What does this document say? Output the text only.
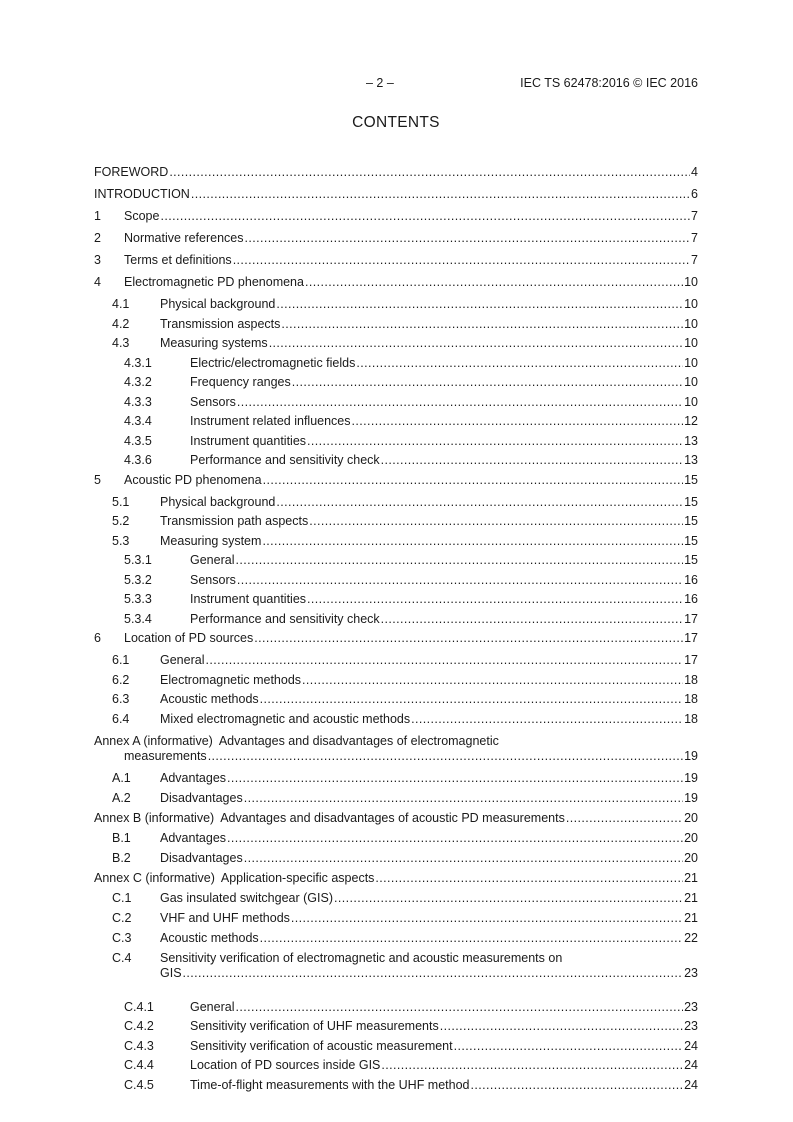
– 2 –	IEC TS 62478:2016 © IEC 2016
CONTENTS
FOREWORD .....	4
INTRODUCTION .....	6
1	Scope .....	7
2	Normative references .....	7
3	Terms et definitions .....	7
4	Electromagnetic PD phenomena .....	10
4.1	Physical background .....	10
4.2	Transmission aspects .....	10
4.3	Measuring systems .....	10
4.3.1	Electric/electromagnetic fields .....	10
4.3.2	Frequency ranges .....	10
4.3.3	Sensors .....	10
4.3.4	Instrument related influences .....	12
4.3.5	Instrument quantities .....	13
4.3.6	Performance and sensitivity check .....	13
5	Acoustic PD phenomena .....	15
5.1	Physical background .....	15
5.2	Transmission path aspects .....	15
5.3	Measuring system .....	15
5.3.1	General .....	15
5.3.2	Sensors .....	16
5.3.3	Instrument quantities .....	16
5.3.4	Performance and sensitivity check .....	17
6	Location of PD sources .....	17
6.1	General .....	17
6.2	Electromagnetic methods .....	18
6.3	Acoustic methods .....	18
6.4	Mixed electromagnetic and acoustic methods .....	18
Annex A (informative) Advantages and disadvantages of electromagnetic
measurements .....	19
A.1	Advantages .....	19
A.2	Disadvantages .....	19
Annex B (informative) Advantages and disadvantages of acoustic PD measurements .....	20
B.1	Advantages .....	20
B.2	Disadvantages .....	20
Annex C (informative) Application-specific aspects .....	21
C.1	Gas insulated switchgear (GIS) .....	21
C.2	VHF and UHF methods .....	21
C.3	Acoustic methods .....	22
C.4	Sensitivity verification of electromagnetic and acoustic measurements on
GIS .....	23
C.4.1	General .....	23
C.4.2	Sensitivity verification of UHF measurements .....	23
C.4.3	Sensitivity verification of acoustic measurement .....	24
C.4.4	Location of PD sources inside GIS .....	24
C.4.5	Time-of-flight measurements with the UHF method .....	24
